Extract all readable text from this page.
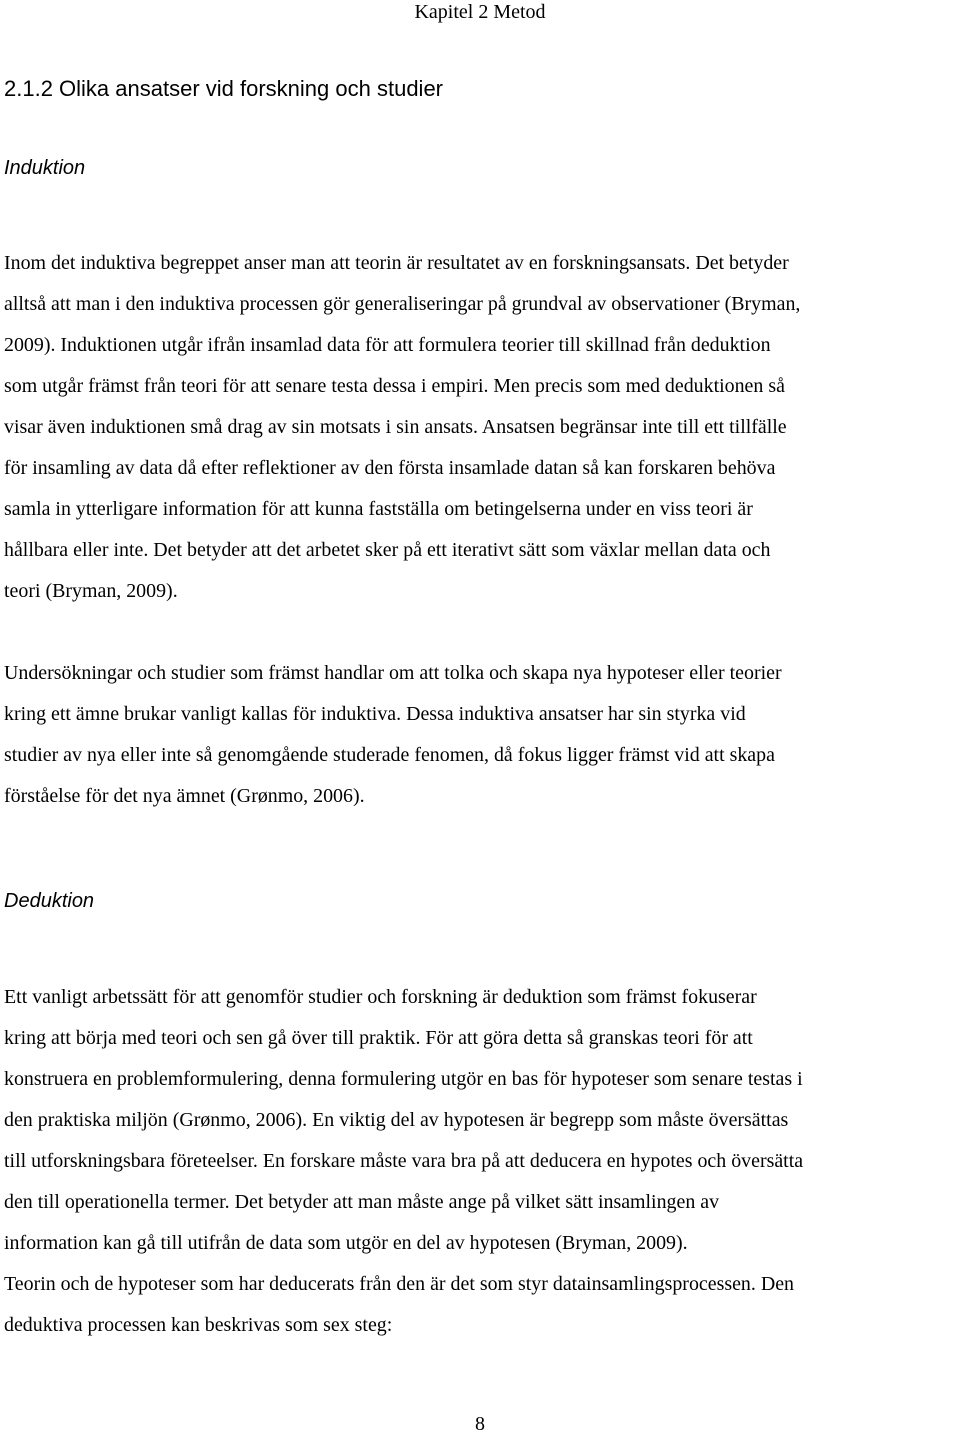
Kapitel 2 Metod
2.1.2 Olika ansatser vid forskning och studier
Induktion
Inom det induktiva begreppet anser man att teorin är resultatet av en forskningsansats. Det betyder
alltså att man i den induktiva processen gör generaliseringar på grundval av observationer (Bryman,
2009). Induktionen utgår ifrån insamlad data för att formulera teorier till skillnad från deduktion
som utgår främst från teori för att senare testa dessa i empiri. Men precis som med deduktionen så
visar även induktionen små drag av sin motsats i sin ansats. Ansatsen begränsar inte till ett tillfälle
för insamling av data då efter reflektioner av den första insamlade datan så kan forskaren behöva
samla in ytterligare information för att kunna fastställa om betingelserna under en viss teori är
hållbara eller inte. Det betyder att det arbetet sker på ett iterativt sätt som växlar mellan data och
teori (Bryman, 2009).
Undersökningar och studier som främst handlar om att tolka och skapa nya hypoteser eller teorier
kring ett ämne brukar vanligt kallas för induktiva. Dessa induktiva ansatser har sin styrka vid
studier av nya eller inte så genomgående studerade fenomen, då fokus ligger främst vid att skapa
förståelse för det nya ämnet (Grønmo, 2006).
Deduktion
Ett vanligt arbetssätt för att genomför studier och forskning är deduktion som främst fokuserar
kring att börja med teori och sen gå över till praktik. För att göra detta så granskas teori för att
konstruera en problemformulering, denna formulering utgör en bas för hypoteser som senare testas i
den praktiska miljön (Grønmo, 2006). En viktig del av hypotesen är begrepp som måste översättas
till utforskningsbara företeelser. En forskare måste vara bra på att deducera en hypotes och översätta
den till operationella termer. Det betyder att man måste ange på vilket sätt insamlingen av
information kan gå till utifrån de data som utgör en del av hypotesen (Bryman, 2009).
Teorin och de hypoteser som har deducerats från den är det som styr datainsamlingsprocessen. Den
deduktiva processen kan beskrivas som sex steg:
8
